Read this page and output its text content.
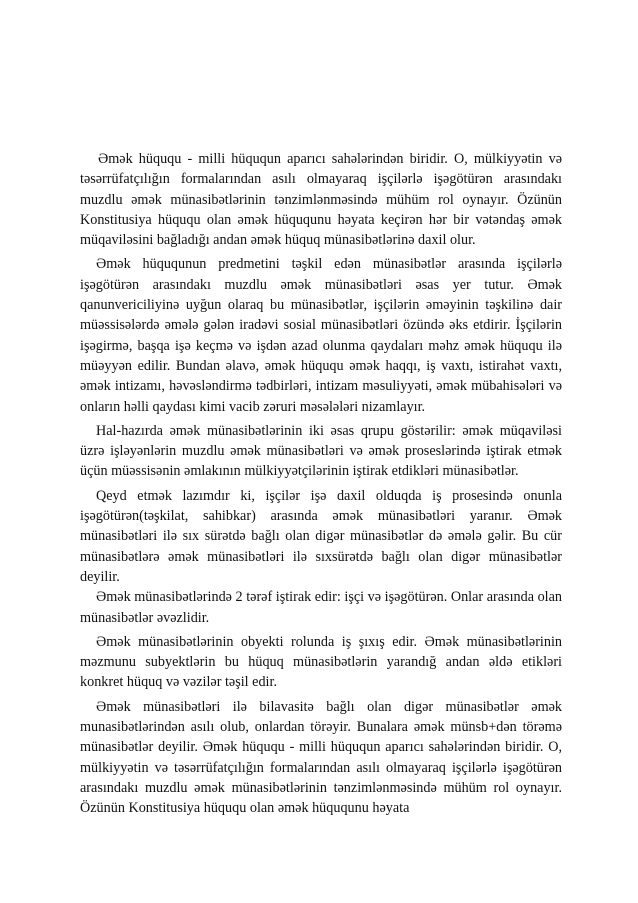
Əmək hüququ - milli hüququn aparıcı sahələrindən biridir. O, mülkiyyətin və təsərrüfatçılığın formalarından asılı olmayaraq işçilərlə işəgötürən arasındakı muzdlu əmək münasibətlərinin tənzimlənməsində mühüm rol oynayır. Özünün Konstitusiya hüququ olan əmək hüququnu həyata keçirən hər bir vətəndaş əmək müqaviləsini bağladığı andan əmək hüquq münasibətlərinə daxil olur.

Əmək hüququnun predmetini təşkil edən münasibətlər arasında işçilərlə işəgötürən arasındakı muzdlu əmək münasibətləri əsas yer tutur. Əmək qanunvericiliyinə uyğun olaraq bu münasibətlər, işçilərin əməyinin təşkilinə dair müəssisələrdə əmələ gələn iradəvi sosial münasibətləri özündə əks etdirir. İşçilərin işəgirmə, başqa işə keçmə və işdən azad olunma qaydaları məhz əmək hüququ ilə müəyyən edilir. Bundan əlavə, əmək hüququ əmək haqqı, iş vaxtı, istirahət vaxtı, əmək intizamı, həvəsləndirmə tədbirləri, intizam məsuliyyəti, əmək mübahisələri və onların həlli qaydası kimi vacib zəruri məsələləri nizamlayır.

Hal-hazırda əmək münasibətlərinin iki əsas qrupu göstərilir: əmək müqaviləsi üzrə işləyənlərin muzdlu əmək münasibətləri və əmək proseslərində iştirak etmək üçün müəssisənin əmlakının mülkiyyətçilərinin iştirak etdikləri münasibətlər.

Qeyd etmək lazımdır ki, işçilər işə daxil olduqda iş prosesində onunla işəgötürən(təşkilat, sahibkar) arasında əmək münasibətləri yaranır. Əmək münasibətləri ilə sıx sürətdə bağlı olan digər münasibətlər də əmələ gəlir. Bu cür münasibətlərə əmək münasibətləri ilə sıxsürətdə bağlı olan digər münasibətlər deyilir.

Əmək münasibətlərində 2 tərəf iştirak edir: işçi və işəgötürən. Onlar arasında olan münasibətlər əvəzlidir.

Əmək münasibətlərinin obyekti rolunda iş şıxış edir. Əmək münasibətlərinin məzmunu subyektlərin bu hüquq münasibətlərin yarandığ andan əldə etikləri konkret hüquq və vəzilər təşil edir.

Əmək münasibətləri ilə bilavasitə bağlı olan digər münasibətlər əmək munasibətlərindən asılı olub, onlardan törəyir. Bunalara əmək münsb+dən törəmə münasibətlər deyilir. Əmək hüququ - milli hüququn aparıcı sahələrindən biridir. O, mülkiyyətin və təsərrüfatçılığın formalarından asılı olmayaraq işçilərlə işəgötürən arasındakı muzdlu əmək münasibətlərinin tənzimlənməsində mühüm rol oynayır. Özünün Konstitusiya hüququ olan əmək hüququnu həyata
